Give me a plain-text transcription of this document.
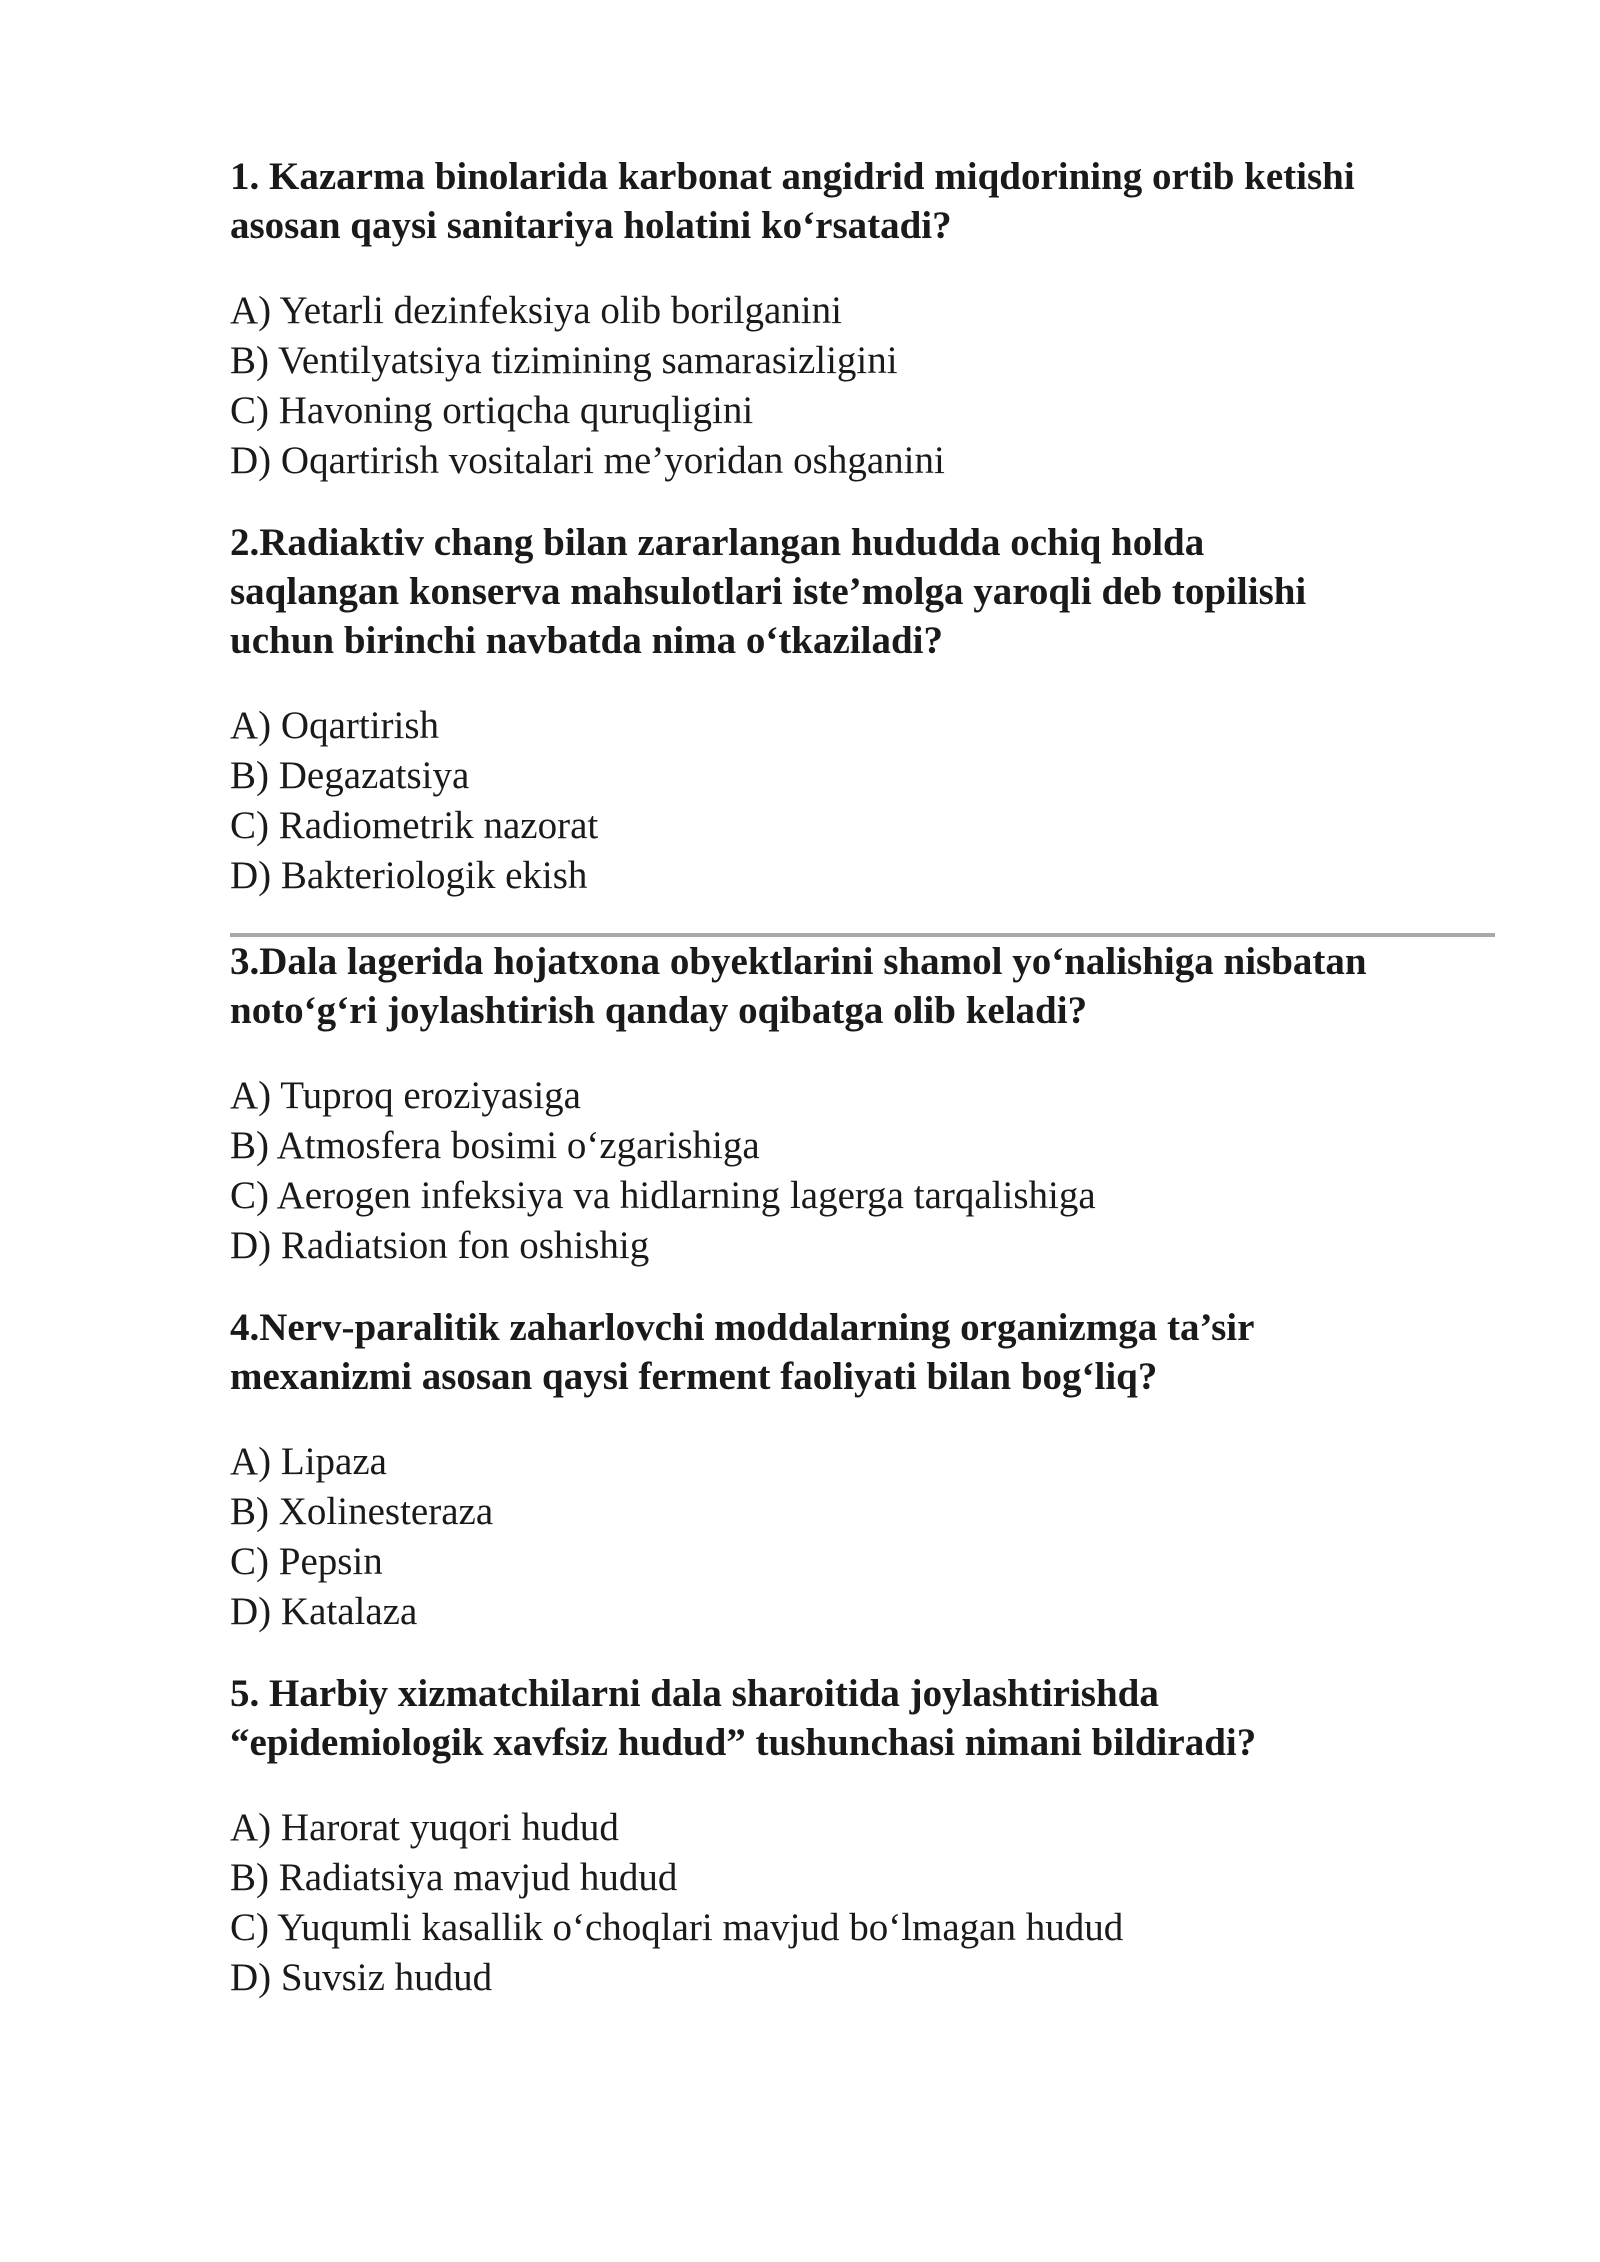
1. Kazarma binolarida karbonat angidrid miqdorining ortib ketishi
asosan qaysi sanitariya holatini ko‘rsatadi?

A) Yetarli dezinfeksiya olib borilganini
B) Ventilyatsiya tizimining samarasizligini
C) Havoning ortiqcha quruqligini
D) Oqartirish vositalari me’yoridan oshganini

2.Radiaktiv chang bilan zararlangan hududda ochiq holda
saqlangan konserva mahsulotlari iste’molga yaroqli deb topilishi
uchun birinchi navbatda nima o‘tkaziladi?

A) Oqartirish
B) Degazatsiya
C) Radiometrik nazorat
D) Bakteriologik ekish

3.Dala lagerida hojatxona obyektlarini shamol yo‘nalishiga nisbatan
noto‘g‘ri joylashtirish qanday oqibatga olib keladi?

A) Tuproq eroziyasiga
B) Atmosfera bosimi o‘zgarishiga
C) Aerogen infeksiya va hidlarning lagerga tarqalishiga
D) Radiatsion fon oshishig

4.Nerv-paralitik zaharlovchi moddalarning organizmga ta’sir
mexanizmi asosan qaysi ferment faoliyati bilan bog‘liq?

A) Lipaza
B) Xolinesteraza
C) Pepsin
D) Katalaza

5. Harbiy xizmatchilarni dala sharoitida joylashtirishda
“epidemiologik xavfsiz hudud” tushunchasi nimani bildiradi?

A) Harorat yuqori hudud
B) Radiatsiya mavjud hudud
C) Yuqumli kasallik o‘choqlari mavjud bo‘lmagan hudud
D) Suvsiz hudud
